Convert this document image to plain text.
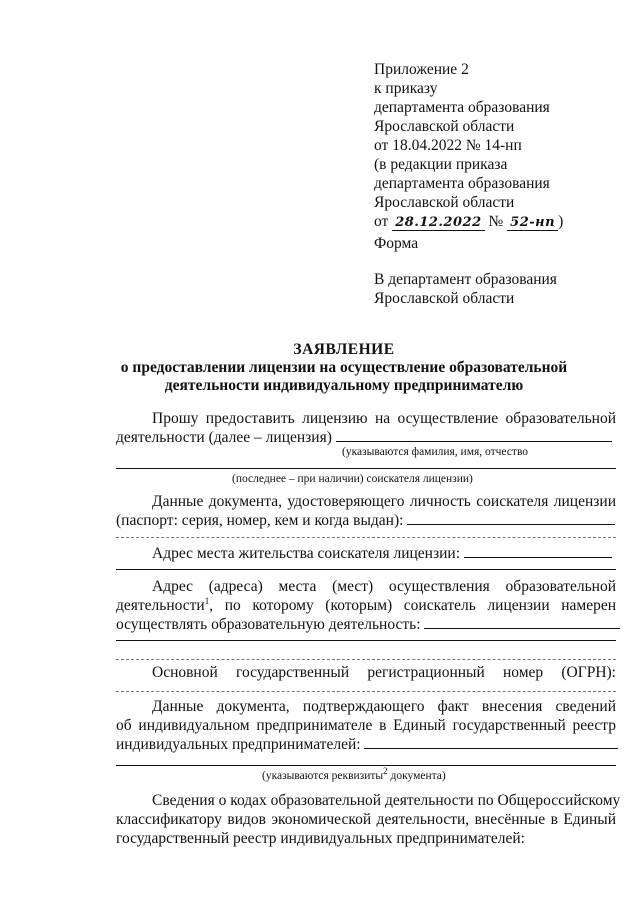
Приложение 2
к приказу
департамента образования
Ярославской области
от 18.04.2022 № 14-нп
(в редакции приказа
департамента образования
Ярославской области
от 28.12.2022 № 52-нп )
Форма
В департамент образования
Ярославской области
ЗАЯВЛЕНИЕ
о предоставлении лицензии на осуществление образовательной
деятельности индивидуальному предпринимателю
Прошу предоставить лицензию на осуществление образовательной
деятельности (далее – лицензия)
(указываются фамилия, имя, отчество
(последнее – при наличии) соискателя лицензии)
Данные документа, удостоверяющего личность соискателя лицензии
(паспорт: серия, номер, кем и когда выдан):
Адрес места жительства соискателя лицензии:
Адрес (адреса) места (мест) осуществления образовательной
деятельности$^1$, по которому (которым) соискатель лицензии намерен
осуществлять образовательную деятельность:
Основной государственный регистрационный номер (ОГРН):
Данные документа, подтверждающего факт внесения сведений
об индивидуальном предпринимателе в Единый государственный реестр
индивидуальных предпринимателей:
(указываются реквизиты$^2$ документа)
Сведения о кодах образовательной деятельности по Общероссийскому
классификатору видов экономической деятельности, внесённые в Единый
государственный реестр индивидуальных предпринимателей:
